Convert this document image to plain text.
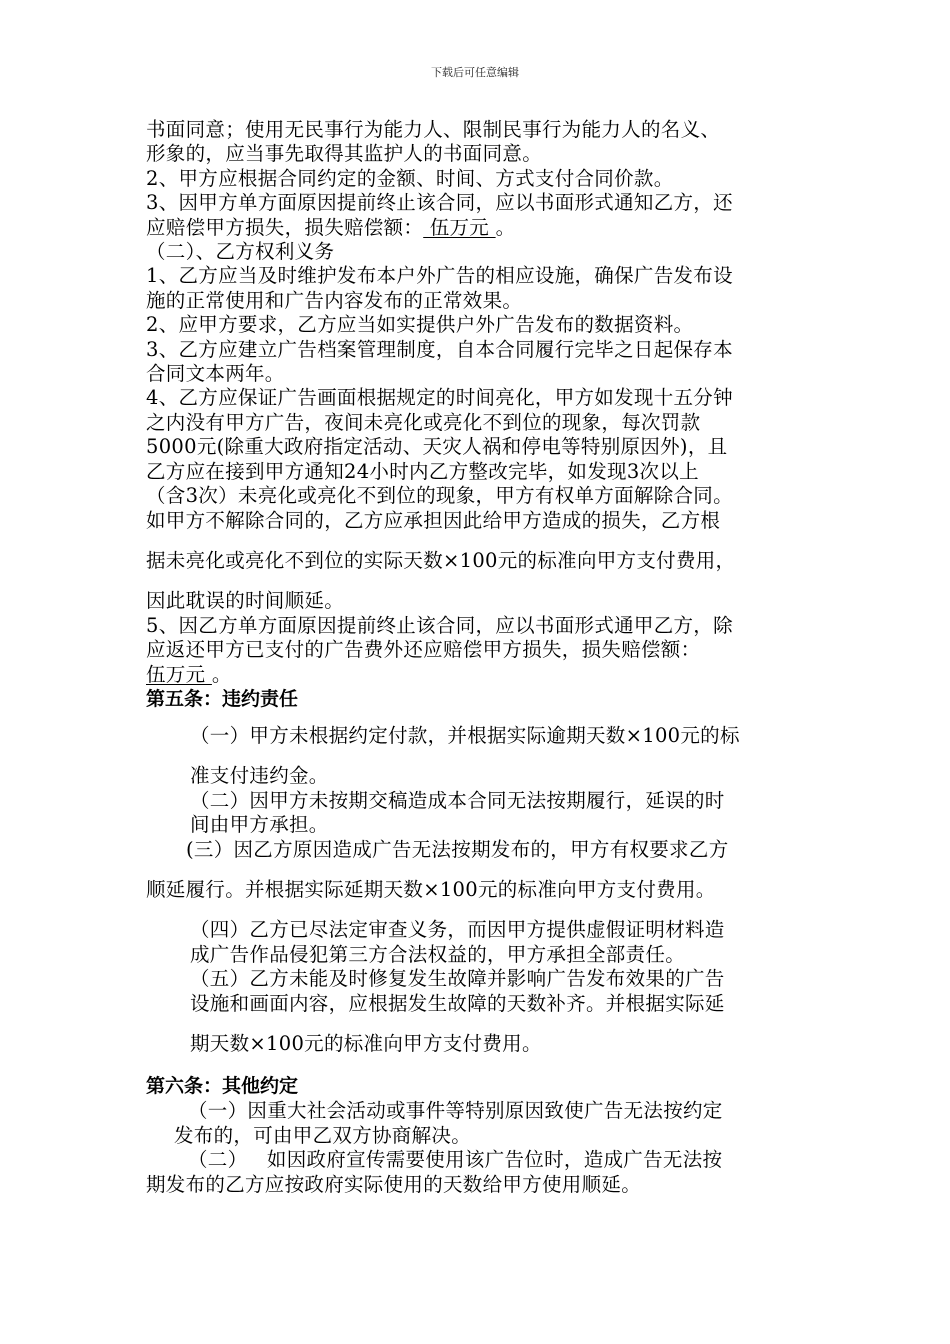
下载后可任意编辑
书面同意；使用无民事行为能力人、限制民事行为能力人的名义、
形象的，应当事先取得其监护人的书面同意。
2、甲方应根据合同约定的金额、时间、方式支付合同价款。
3、因甲方单方面原因提前终止该合同，应以书面形式通知乙方，还
应赔偿甲方损失，损失赔偿额： 伍万元 。
（二）、乙方权利义务
1、乙方应当及时维护发布本户外广告的相应设施，确保广告发布设
施的正常使用和广告内容发布的正常效果。
2、应甲方要求，乙方应当如实提供户外广告发布的数据资料。
3、乙方应建立广告档案管理制度，自本合同履行完毕之日起保存本
合同文本两年。
4、乙方应保证广告画面根据规定的时间亮化，甲方如发现十五分钟
之内没有甲方广告，夜间未亮化或亮化不到位的现象，每次罚款
5000元(除重大政府指定活动、天灾人祸和停电等特别原因外)，且
乙方应在接到甲方通知24小时内乙方整改完毕，如发现3次以上
（含3次）未亮化或亮化不到位的现象，甲方有权单方面解除合同。
如甲方不解除合同的，乙方应承担因此给甲方造成的损失，乙方根
据未亮化或亮化不到位的实际天数×100元的标准向甲方支付费用，
因此耽误的时间顺延。
5、因乙方单方面原因提前终止该合同，应以书面形式通甲乙方，除
应返还甲方已支付的广告费外还应赔偿甲方损失，损失赔偿额：
伍万元 。
第五条：违约责任
（一）甲方未根据约定付款，并根据实际逾期天数×100元的标
准支付违约金。
（二）因甲方未按期交稿造成本合同无法按期履行，延误的时
间由甲方承担。
(三）因乙方原因造成广告无法按期发布的，甲方有权要求乙方
顺延履行。并根据实际延期天数×100元的标准向甲方支付费用。
（四）乙方已尽法定审查义务，而因甲方提供虚假证明材料造
成广告作品侵犯第三方合法权益的，甲方承担全部责任。
（五）乙方未能及时修复发生故障并影响广告发布效果的广告
设施和画面内容，应根据发生故障的天数补齐。并根据实际延
期天数×100元的标准向甲方支付费用。
第六条：其他约定
（一）因重大社会活动或事件等特别原因致使广告无法按约定
发布的，可由甲乙双方协商解决。
（二）   如因政府宣传需要使用该广告位时，造成广告无法按
期发布的乙方应按政府实际使用的天数给甲方使用顺延。
